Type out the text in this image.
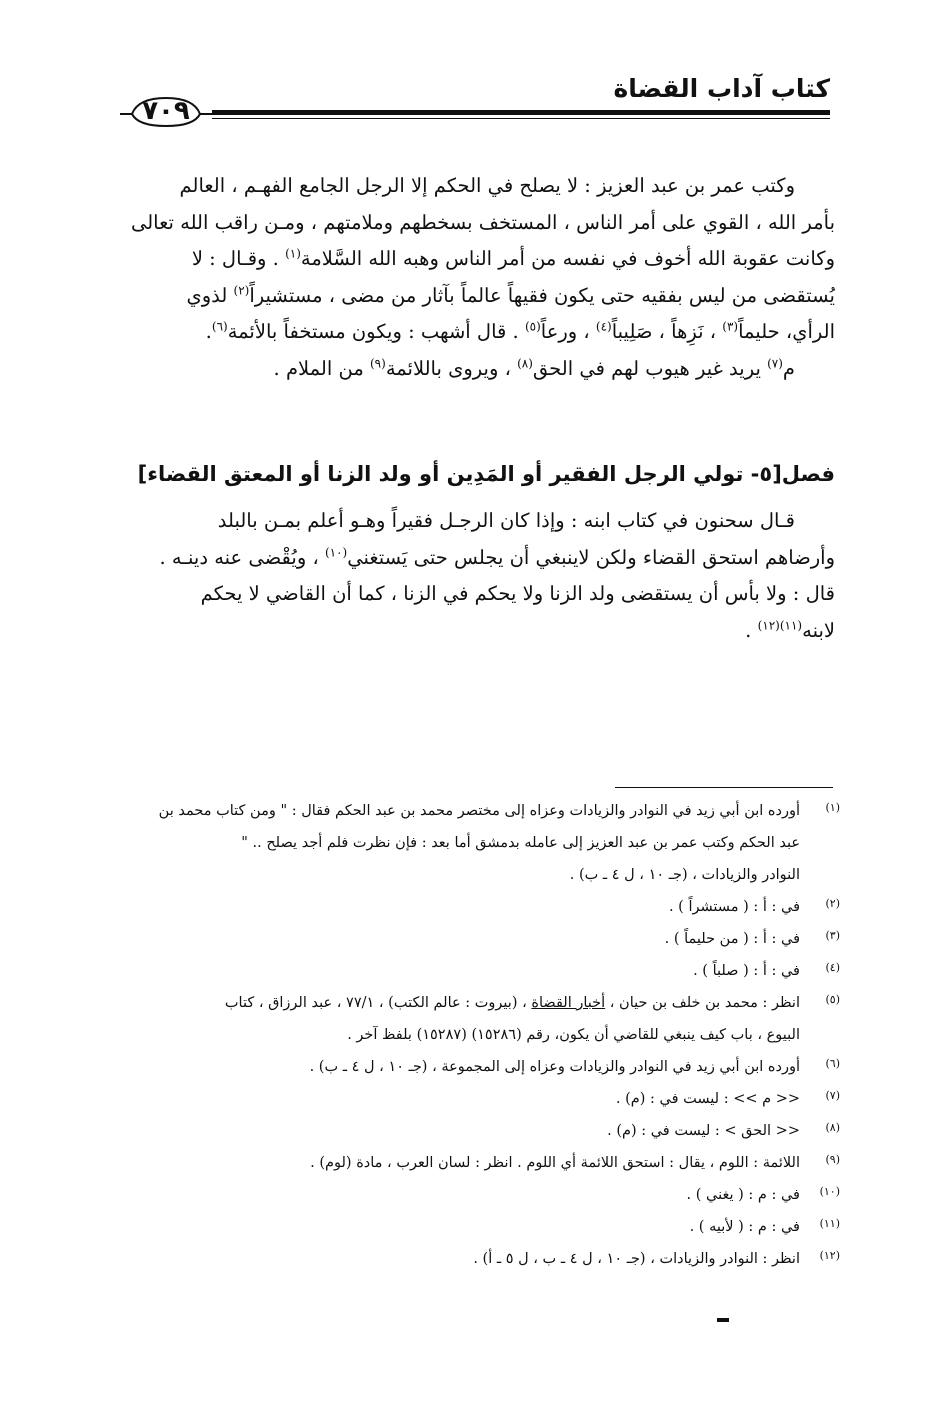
كتاب آداب القضاة
٧٠٩

وكتب عمر بن عبد العزيز : لا يصلح في الحكم إلا الرجل الجامع الفهـم ، العالم
بأمر الله ، القوي على أمر الناس ، المستخف بسخطهم وملامتهم ، ومـن راقب الله تعالى
وكانت عقوبة الله أخوف في نفسه من أمر الناس وهبه الله السَّلامة$^{(١)}$ . وقـال : لا
يُستقضى من ليس بفقيه حتى يكون فقيهاً عالماً بآثار من مضى ، مستشيراً$^{(٢)}$ لذوي
الرأي، حليماً$^{(٣)}$ ، نَزِهاً ، صَلِيباً$^{(٤)}$ ، ورعاً$^{(٥)}$ . قال أشهب : ويكون مستخفاً بالأئمة$^{(٦)}$.
م$^{(٧)}$ يريد غير هيوب لهم في الحق$^{(٨)}$ ، ويروى باللائمة$^{(٩)}$ من الملام .

فصل[٥- تولي الرجل الفقير أو المَدِين أو ولد الزنا أو المعتق القضاء]

قـال سحنون في كتاب ابنه : وإذا كان الرجـل فقيراً وهـو أعلم بمـن بالبلد
وأرضاهم استحق القضاء ولكن لاينبغي أن يجلس حتى يَستغني$^{(١٠)}$ ، ويُقْضى عنه دينـه .
قال : ولا بأس أن يستقضى ولد الزنا ولا يحكم في الزنا ، كما أن القاضي لا يحكم
لابنه$^{(١١)(١٢)}$ .

(١)
أورده ابن أبي زيد في النوادر والزيادات وعزاه إلى مختصر محمد بن عبد الحكم فقال : " ومن كتاب محمد بن
عبد الحكم وكتب عمر بن عبد العزيز إلى عامله بدمشق أما بعد : فإن نظرت فلم أجد يصلح .. "
النوادر والزيادات ، (جـ ١٠ ، ل ٤ ـ ب) .
(٢)
في : أ : ( مستشراً ) .
(٣)
في : أ : ( من حليماً ) .
(٤)
في : أ : ( صلباً ) .
(٥)
انظر : محمد بن خلف بن حيان ، أخبار القضاة ، (بيروت : عالم الكتب) ، ٧٧/١ ، عبد الرزاق ، كتاب
البيوع ، باب كيف ينبغي للقاضي أن يكون، رقم (١٥٢٨٦) (١٥٢٨٧) بلفظ آخر .
(٦)
أورده ابن أبي زيد في النوادر والزيادات وعزاه إلى المجموعة ، (جـ ١٠ ، ل ٤ ـ ب) .
(٧)
<< م >> : ليست في : (م) .
(٨)
<< الحق > : ليست في : (م) .
(٩)
اللائمة : اللوم ، يقال : استحق اللائمة أي اللوم . انظر : لسان العرب ، مادة (لوم) .
(١٠)
في : م : ( يغني ) .
(١١)
في : م : ( لأبيه ) .
(١٢)
انظر : النوادر والزيادات ، (جـ ١٠ ، ل ٤ ـ ب ، ل ٥ ـ أ) .
